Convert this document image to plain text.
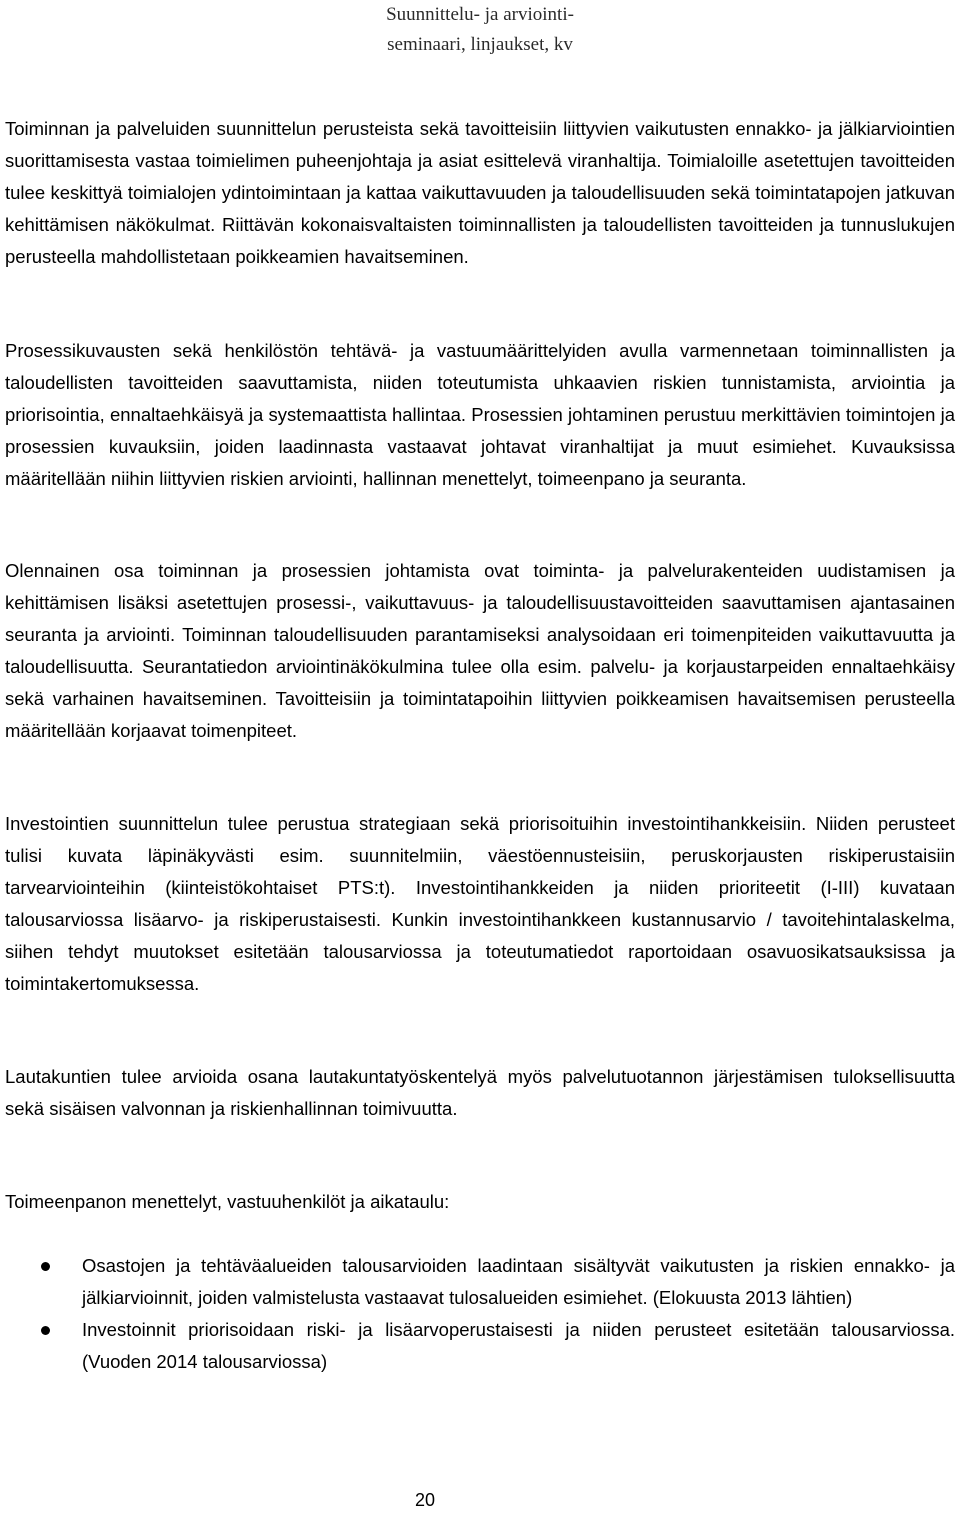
Suunnittelu- ja arviointi-
seminaari, linjaukset, kv

Toiminnan ja palveluiden suunnittelun perusteista sekä tavoitteisiin liittyvien vaikutusten ennakko- ja jälkiarviointien suorittamisesta vastaa toimielimen puheenjohtaja ja asiat esittelevä viranhaltija. Toimialoille asetettujen tavoitteiden tulee keskittyä toimialojen ydintoimintaan ja kattaa vaikuttavuuden ja taloudellisuuden sekä toimintatapojen jatkuvan kehittämisen näkökulmat. Riittävän kokonaisvaltaisten toiminnallisten ja taloudellisten tavoitteiden ja tunnuslukujen perusteella mahdollistetaan poikkeamien havaitseminen.

Prosessikuvausten sekä henkilöstön tehtävä- ja vastuumäärittelyiden avulla varmennetaan toiminnallisten ja taloudellisten tavoitteiden saavuttamista, niiden toteutumista uhkaavien riskien tunnistamista, arviointia ja priorisointia, ennaltaehkäisyä ja systemaattista hallintaa. Prosessien johtaminen perustuu merkittävien toimintojen ja prosessien kuvauksiin, joiden laadinnasta vastaavat johtavat viranhaltijat ja muut esimiehet. Kuvauksissa määritellään niihin liittyvien riskien arviointi, hallinnan menettelyt, toimeenpano ja seuranta.

Olennainen osa toiminnan ja prosessien johtamista ovat toiminta- ja palvelurakenteiden uudistamisen ja kehittämisen lisäksi asetettujen prosessi-, vaikuttavuus- ja taloudellisuustavoitteiden saavuttamisen ajantasainen seuranta ja arviointi. Toiminnan taloudellisuuden parantamiseksi analysoidaan eri toimenpiteiden vaikuttavuutta ja taloudellisuutta. Seurantatiedon arviointinäkökulmina tulee olla esim. palvelu- ja korjaustarpeiden ennaltaehkäisy sekä varhainen havaitseminen. Tavoitteisiin ja toimintatapoihin liittyvien poikkeamisen havaitsemisen perusteella määritellään korjaavat toimenpiteet.

Investointien suunnittelun tulee perustua strategiaan sekä priorisoituihin investointihankkeisiin. Niiden perusteet tulisi kuvata läpinäkyvästi esim. suunnitelmiin, väestöennusteisiin, peruskorjausten riskiperustaisiin tarvearviointeihin (kiinteistökohtaiset PTS:t). Investointihankkeiden ja niiden prioriteetit (I-III) kuvataan talousarviossa lisäarvo- ja riskiperustaisesti. Kunkin investointihankkeen kustannusarvio / tavoitehintalaskelma, siihen tehdyt muutokset esitetään talousarviossa ja toteutumatiedot raportoidaan osavuosikatsauksissa ja toimintakertomuksessa.

Lautakuntien tulee arvioida osana lautakuntatyöskentelyä myös palvelutuotannon järjestämisen tuloksellisuutta sekä sisäisen valvonnan ja riskienhallinnan toimivuutta.

Toimeenpanon menettelyt, vastuuhenkilöt ja aikataulu:

Osastojen ja tehtäväalueiden talousarvioiden laadintaan sisältyvät vaikutusten ja riskien ennakko- ja jälkiarvioinnit, joiden valmistelusta vastaavat tulosalueiden esimiehet. (Elokuusta 2013 lähtien)
Investoinnit priorisoidaan riski- ja lisäarvoperustaisesti ja niiden perusteet esitetään talousarviossa. (Vuoden 2014 talousarviossa)
20
